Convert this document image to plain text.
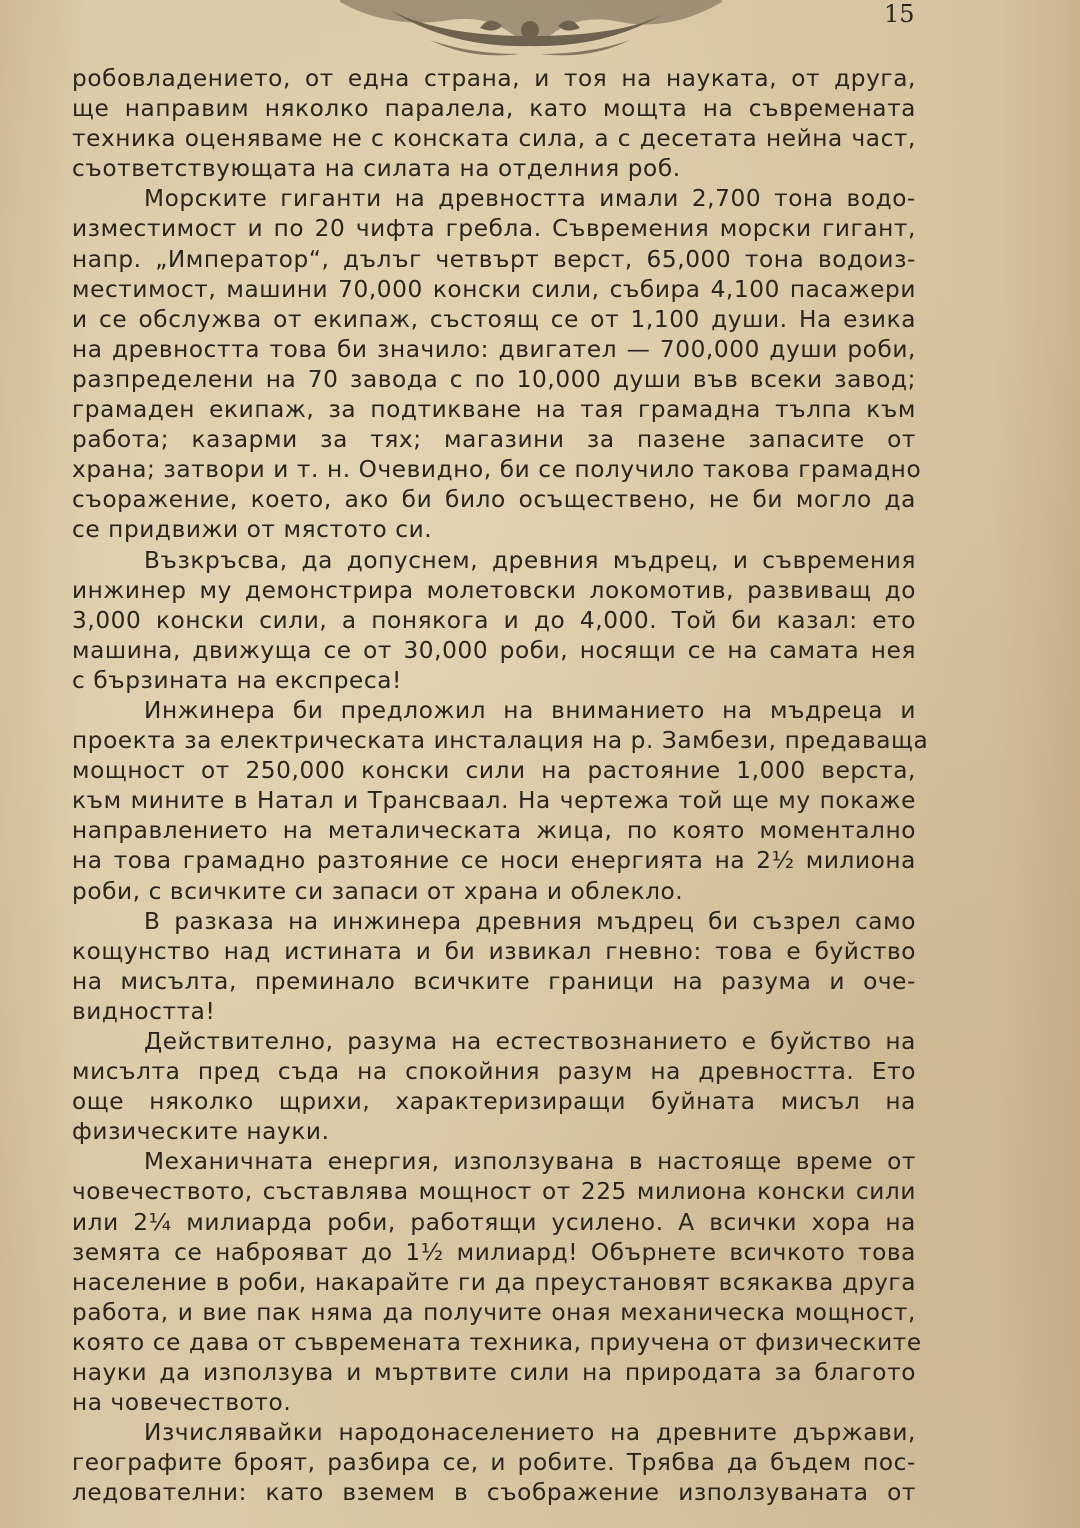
15
робовладението, от една страна, и тоя на науката, от друга,
ще направим няколко паралела, като мощта на съвремената
техника оценяваме не с конската сила, а с десетата нейна част,
съответствующата на силата на отделния роб.
Морските гиганти на древността имали 2,700 тона водо-
изместимост и по 20 чифта гребла. Съвремения морски гигант,
напр. „Император“, дълъг четвърт верст, 65,000 тона водоиз-
местимост, машини 70,000 конски сили, събира 4,100 пасажери
и се обслужва от екипаж, състоящ се от 1,100 души. На езика
на древността това би значило: двигател — 700,000 души роби,
разпределени на 70 завода с по 10,000 души във всеки завод;
грамаден екипаж, за подтикване на тая грамадна тълпа към
работа; казарми за тях; магазини за пазене запасите от
храна; затвори и т. н. Очевидно, би се получило такова грамадно
съоражение, което, ако би било осъществено, не би могло да
се придвижи от мястото си.
Възкръсва, да допуснем, древния мъдрец, и съвремения
инжинер му демонстрира молетовски локомотив, развиващ до
3,000 конски сили, а понякога и до 4,000. Той би казал: ето
машина, движуща се от 30,000 роби, носящи се на самата нея
с бързината на експреса!
Инжинера би предложил на вниманието на мъдреца и
проекта за електрическата инсталация на р. Замбези, предаваща
мощност от 250,000 конски сили на растояние 1,000 верста,
към мините в Натал и Трансваал. На чертежа той ще му покаже
направлението на металическата жица, по която моментално
на това грамадно разтояние се носи енергията на 2½ милиона
роби, с всичките си запаси от храна и облекло.
В разказа на инжинера древния мъдрец би съзрел само
кощунство над истината и би извикал гневно: това е буйство
на мисълта, преминало всичките граници на разума и оче-
видността!
Действително, разума на естествознанието е буйство на
мисълта пред съда на спокойния разум на древността. Ето
още няколко щрихи, характеризиращи буйната мисъл на
физическите науки.
Механичната енергия, използувана в настояще време от
човечеството, съставлява мощност от 225 милиона конски сили
или 2¼ милиарда роби, работящи усилено. А всички хора на
земята се наброяват до 1½ милиард! Обърнете всичкото това
население в роби, накарайте ги да преустановят всякаква друга
работа, и вие пак няма да получите оная механическа мощност,
която се дава от съвремената техника, приучена от физическите
науки да използува и мъртвите сили на природата за благото
на човечеството.
Изчислявайки народонаселението на древните държави,
географите броят, разбира се, и робите. Трябва да бъдем пос-
ледователни: като вземем в съображение използуваната от
